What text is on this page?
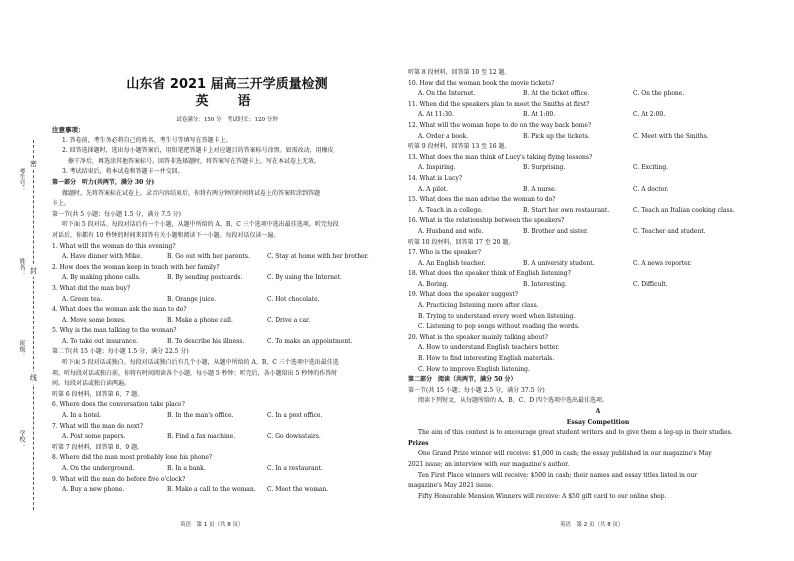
考生号：
姓名：
班级：
学校：
密
封
线
山东省 2021 届高三开学质量检测
英　语
试卷满分：150 分　考试时长：120 分钟
注意事项：
1. 答卷前，考生务必将自己的姓名、考生号等填写在答题卡上。
2. 回答选择题时，选出每小题答案后，用铅笔把答题卡上对应题目的答案标号涂黑。如需改动，用橡皮
擦干净后，再选涂其他答案标号。回答非选择题时，将答案写在答题卡上，写在本试卷上无效。
3. 考试结束后，将本试卷和答题卡一并交回。
第一部分　听力(共两节，满分 30 分)
做题时，先将答案标在试卷上。录音内容结束后，你将有两分钟的时间将试卷上的答案转涂到答题
卡上。
第一节(共 5 小题；每小题 1.5 分，满分 7.5 分)
听下面 5 段对话。每段对话后有一个小题，从题中所给的 A、B、C 三个选项中选出最佳选项。听完每段
对话后，你都有 10 秒钟的时间来回答有关小题和阅读下一小题。每段对话仅读一遍。
1. What will the woman do this evening?
A. Have dinner with Mike.	B. Go out with her parents.	C. Stay at home with her brother.
2. How does the woman keep in touch with her family?
A. By making phone calls.	B. By sending postcards.	C. By using the Internet.
3. What did the man buy?
A. Green tea.	B. Orange juice.	C. Hot chocolate.
4. What does the woman ask the man to do?
A. Move some boxes.	B. Make a phone call.	C. Drive a car.
5. Why is the man talking to the woman?
A. To take out insurance.	B. To describe his illness.	C. To make an appointment.
第二节(共 15 小题；每小题 1.5 分，满分 22.5 分)
听下面 5 段对话或独白。每段对话或独白后有几个小题，从题中所给的 A、B、C 三个选项中选出最佳选
项。听每段对话或独白前，你将有时间阅读各个小题，每小题 5 秒钟；听完后，各小题给出 5 秒钟的作答时
间。每段对话或独白读两遍。
听第 6 段材料，回答第 6、7 题。
6. Where does the conversation take place?
A. In a hotel.	B. In the man's office.	C. In a post office.
7. What will the man do next?
A. Post some papers.	B. Find a fax machine.	C. Go downstairs.
听第 7 段材料，回答第 8、9 题。
8. Where did the man most probably lose his phone?
A. On the underground.	B. In a bank.	C. In a restaurant.
9. What will the man do before five o'clock?
A. Buy a new phone.	B. Make a call to the woman.	C. Meet the woman.
英语　第 1 页（共 8 页）
听第 8 段材料，回答第 10 至 12 题。
10. How did the woman book the movie tickets?
A. On the Internet.	B. At the ticket office.	C. On the phone.
11. When did the speakers plan to meet the Smiths at first?
A. At 11:30.	B. At 1:00.	C. At 2:00.
12. What will the woman hope to do on the way back home?
A. Order a book.	B. Pick up the tickets.	C. Meet with the Smiths.
听第 9 段材料，回答第 13 至 16 题。
13. What does the man think of Lucy's taking flying lessons?
A. Inspiring.	B. Surprising.	C. Exciting.
14. What is Lucy?
A. A pilot.	B. A nurse.	C. A doctor.
15. What does the man advise the woman to do?
A. Teach in a college.	B. Start her own restaurant.	C. Teach an Italian cooking class.
16. What is the relationship between the speakers?
A. Husband and wife.	B. Brother and sister.	C. Teacher and student.
听第 10 段材料，回答第 17 至 20 题。
17. Who is the speaker?
A. An English teacher.	B. A university student.	C. A news reporter.
18. What does the speaker think of English listening?
A. Boring.	B. Interesting.	C. Difficult.
19. What does the speaker suggest?
A. Practicing listening more after class.
B. Trying to understand every word when listening.
C. Listening to pop songs without reading the words.
20. What is the speaker mainly talking about?
A. How to understand English teachers better.
B. How to find interesting English materials.
C. How to improve English listening.
第二部分　阅读（共两节，满分 50 分）
第一节(共 15 小题；每小题 2.5 分，满分 37.5 分)
阅读下列短文，从每题所给的 A、B、C、D 四个选项中选出最佳选项。
A
Essay Competition
The aim of this contest is to encourage great student writers and to give them a leg-up in their studies.
Prizes
One Grand Prize winner will receive: $1,000 in cash; the essay published in our magazine's May
2021 issue; an interview with our magazine's author.
Ten First Place winners will receive: $500 in cash; their names and essay titles listed in our
magazine's May 2021 issue.
Fifty Honorable Mension Winners will receive: A $50 gift card to our online shop.
英语　第 2 页（共 8 页）
